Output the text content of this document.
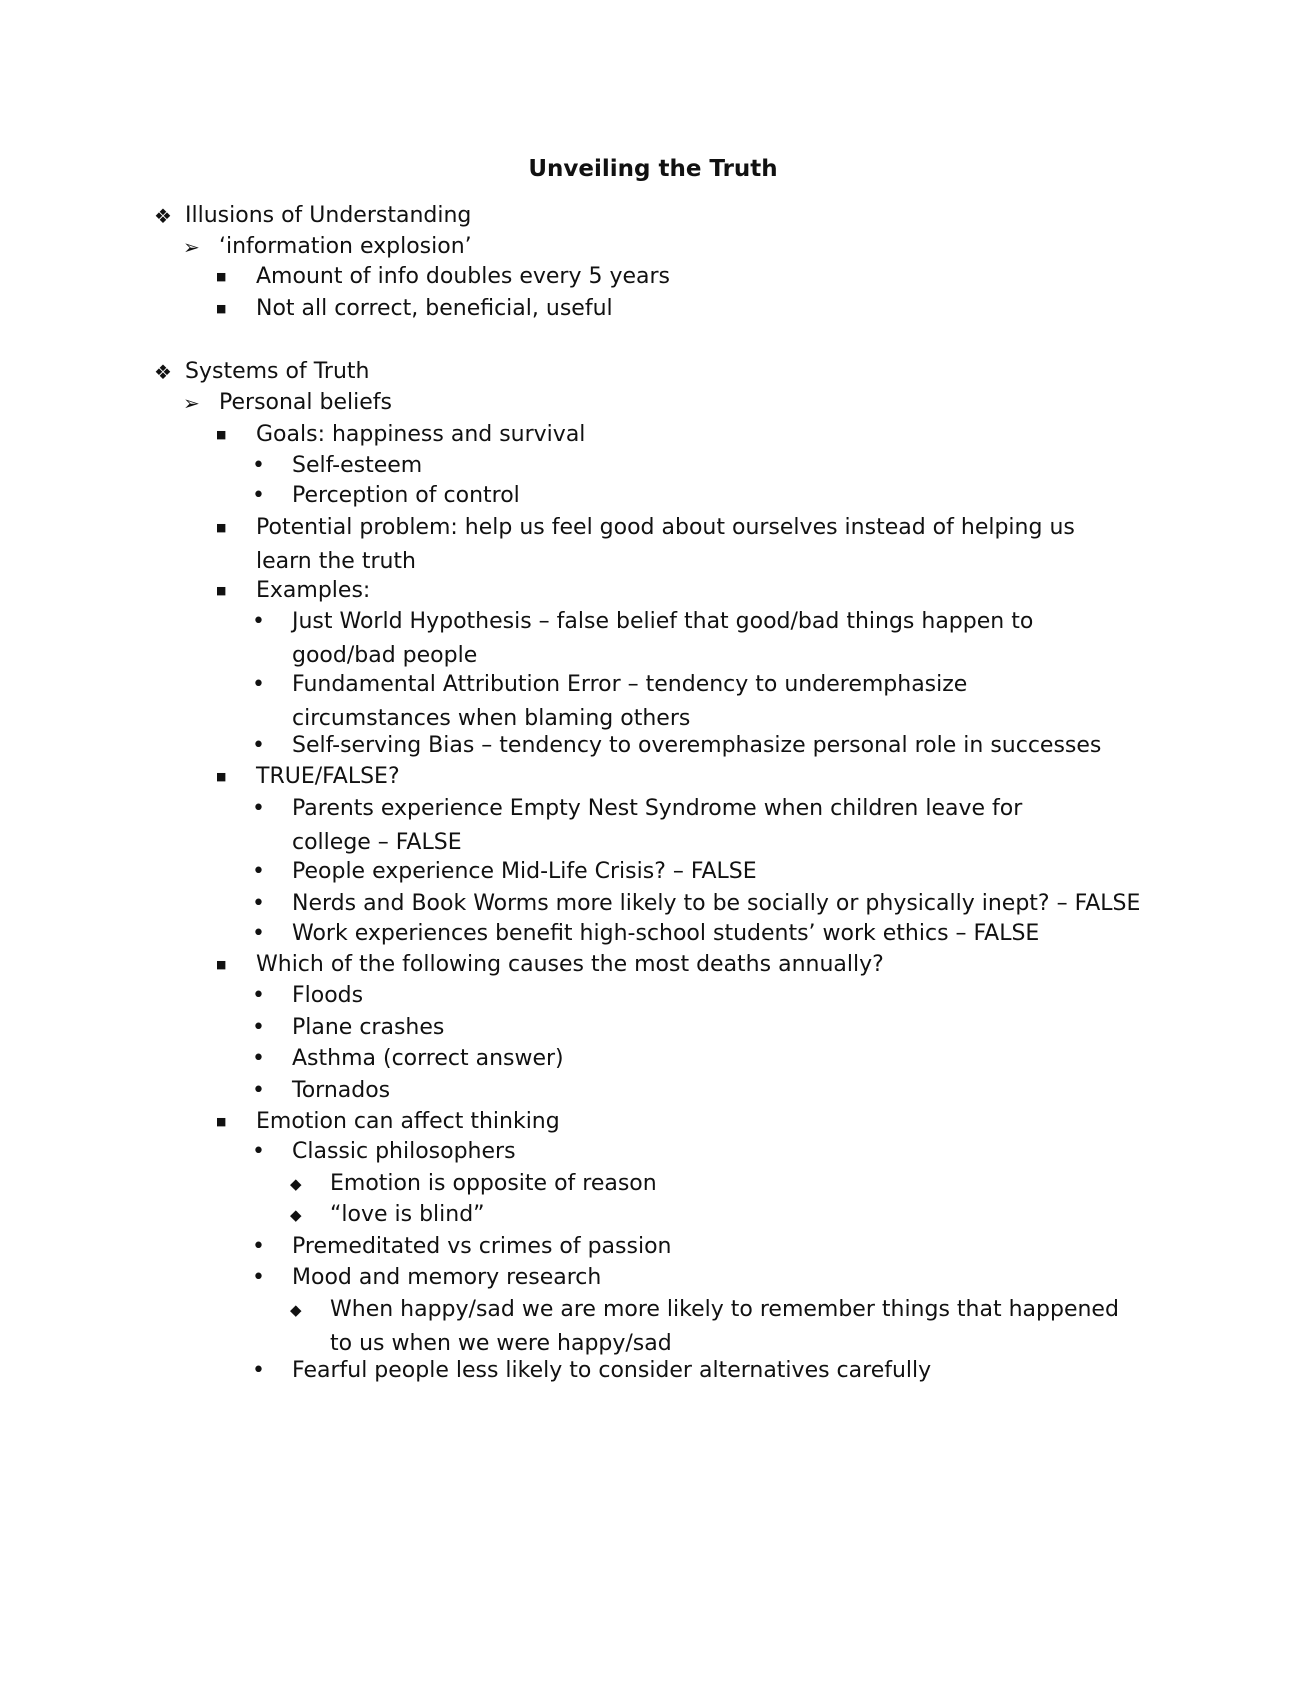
Unveiling the Truth
❖ Illusions of Understanding
➢ ‘information explosion’
■	Amount of info doubles every 5 years
■	Not all correct, beneficial, useful
❖ Systems of Truth
➢ Personal beliefs
■	Goals: happiness and survival
•	Self-esteem
•	Perception of control
■	Potential problem: help us feel good about ourselves instead of helping us learn the truth
■	Examples:
•	Just World Hypothesis – false belief that good/bad things happen to good/bad people
•	Fundamental Attribution Error – tendency to underemphasize circumstances when blaming others
•	Self-serving Bias – tendency to overemphasize personal role in successes
■	TRUE/FALSE?
•	Parents experience Empty Nest Syndrome when children leave for college – FALSE
•	People experience Mid-Life Crisis? – FALSE
•	Nerds and Book Worms more likely to be socially or physically inept? – FALSE
•	Work experiences benefit high-school students’ work ethics – FALSE
■	Which of the following causes the most deaths annually?
•	Floods
•	Plane crashes
•	Asthma (correct answer)
•	Tornados
■	Emotion can affect thinking
•	Classic philosophers
◆	Emotion is opposite of reason
◆	“love is blind”
•	Premeditated vs crimes of passion
•	Mood and memory research
◆	When happy/sad we are more likely to remember things that happened to us when we were happy/sad
•	Fearful people less likely to consider alternatives carefully
